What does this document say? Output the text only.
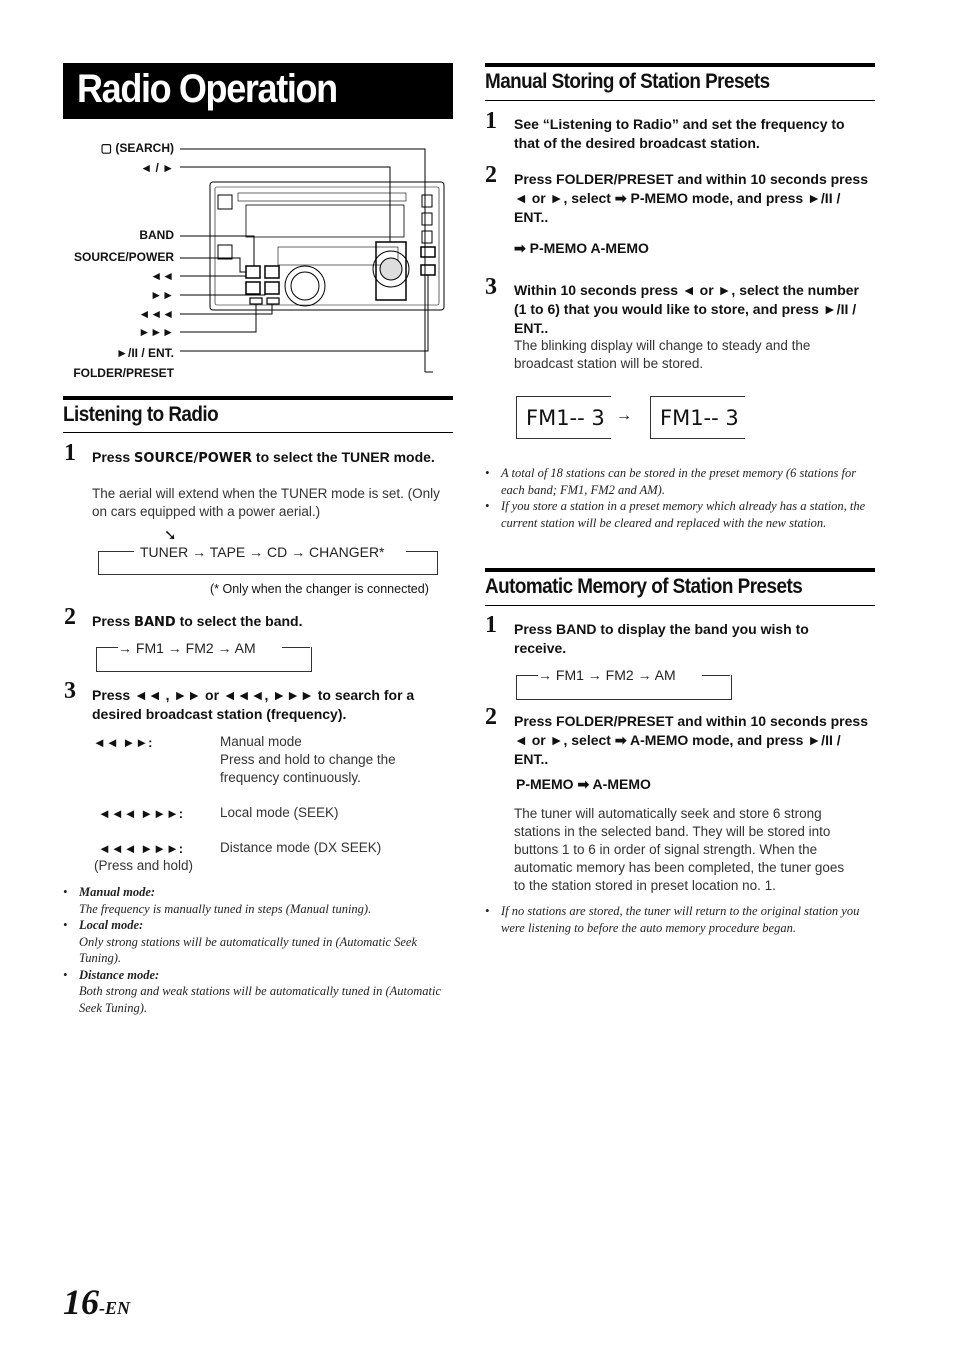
Radio Operation
▢ (SEARCH)
◄ / ►
BAND
SOURCE/POWER
◄◄
►►
◄◄◄
►►►
►/II / ENT.
FOLDER/PRESET
Listening to Radio
1 Press SOURCE/POWER to select the TUNER mode.
The aerial will extend when the TUNER mode is set. (Only on cars equipped with a power aerial.)
➘
TUNER → TAPE → CD → CHANGER*
(* Only when the changer is connected)
2 Press BAND to select the band.
→ FM1 → FM2 → AM
3 Press ◄◄ , ►► or ◄◄◄, ►►► to search for a desired broadcast station (frequency).
◄◄ ►►:	Manual mode
Press and hold to change the frequency continuously.
◄◄◄ ►►►:	Local mode (SEEK)
◄◄◄ ►►►:	Distance mode (DX SEEK)
(Press and hold)
• Manual mode:
The frequency is manually tuned in steps (Manual tuning).
• Local mode:
Only strong stations will be automatically tuned in (Automatic Seek Tuning).
• Distance mode:
Both strong and weak stations will be automatically tuned in (Automatic Seek Tuning).
Manual Storing of Station Presets
1 See “Listening to Radio” and set the frequency to that of the desired broadcast station.
2 Press FOLDER/PRESET and within 10 seconds press ◄ or ►, select ➡ P-MEMO mode, and press ►/II / ENT..
➡ P-MEMO A-MEMO
3 Within 10 seconds press ◄ or ►, select the number (1 to 6) that you would like to store, and press ►/II / ENT..
The blinking display will change to steady and the broadcast station will be stored.
FM1-- 3 → FM1-- 3
• A total of 18 stations can be stored in the preset memory (6 stations for each band; FM1, FM2 and AM).
• If you store a station in a preset memory which already has a station, the current station will be cleared and replaced with the new station.
Automatic Memory of Station Presets
1 Press BAND to display the band you wish to receive.
→ FM1 → FM2 → AM
2 Press FOLDER/PRESET and within 10 seconds press ◄ or ►, select ➡ A-MEMO mode, and press ►/II / ENT..
P-MEMO ➡ A-MEMO
The tuner will automatically seek and store 6 strong stations in the selected band. They will be stored into buttons 1 to 6 in order of signal strength. When the automatic memory has been completed, the tuner goes to the station stored in preset location no. 1.
• If no stations are stored, the tuner will return to the original station you were listening to before the auto memory procedure began.
16-EN
